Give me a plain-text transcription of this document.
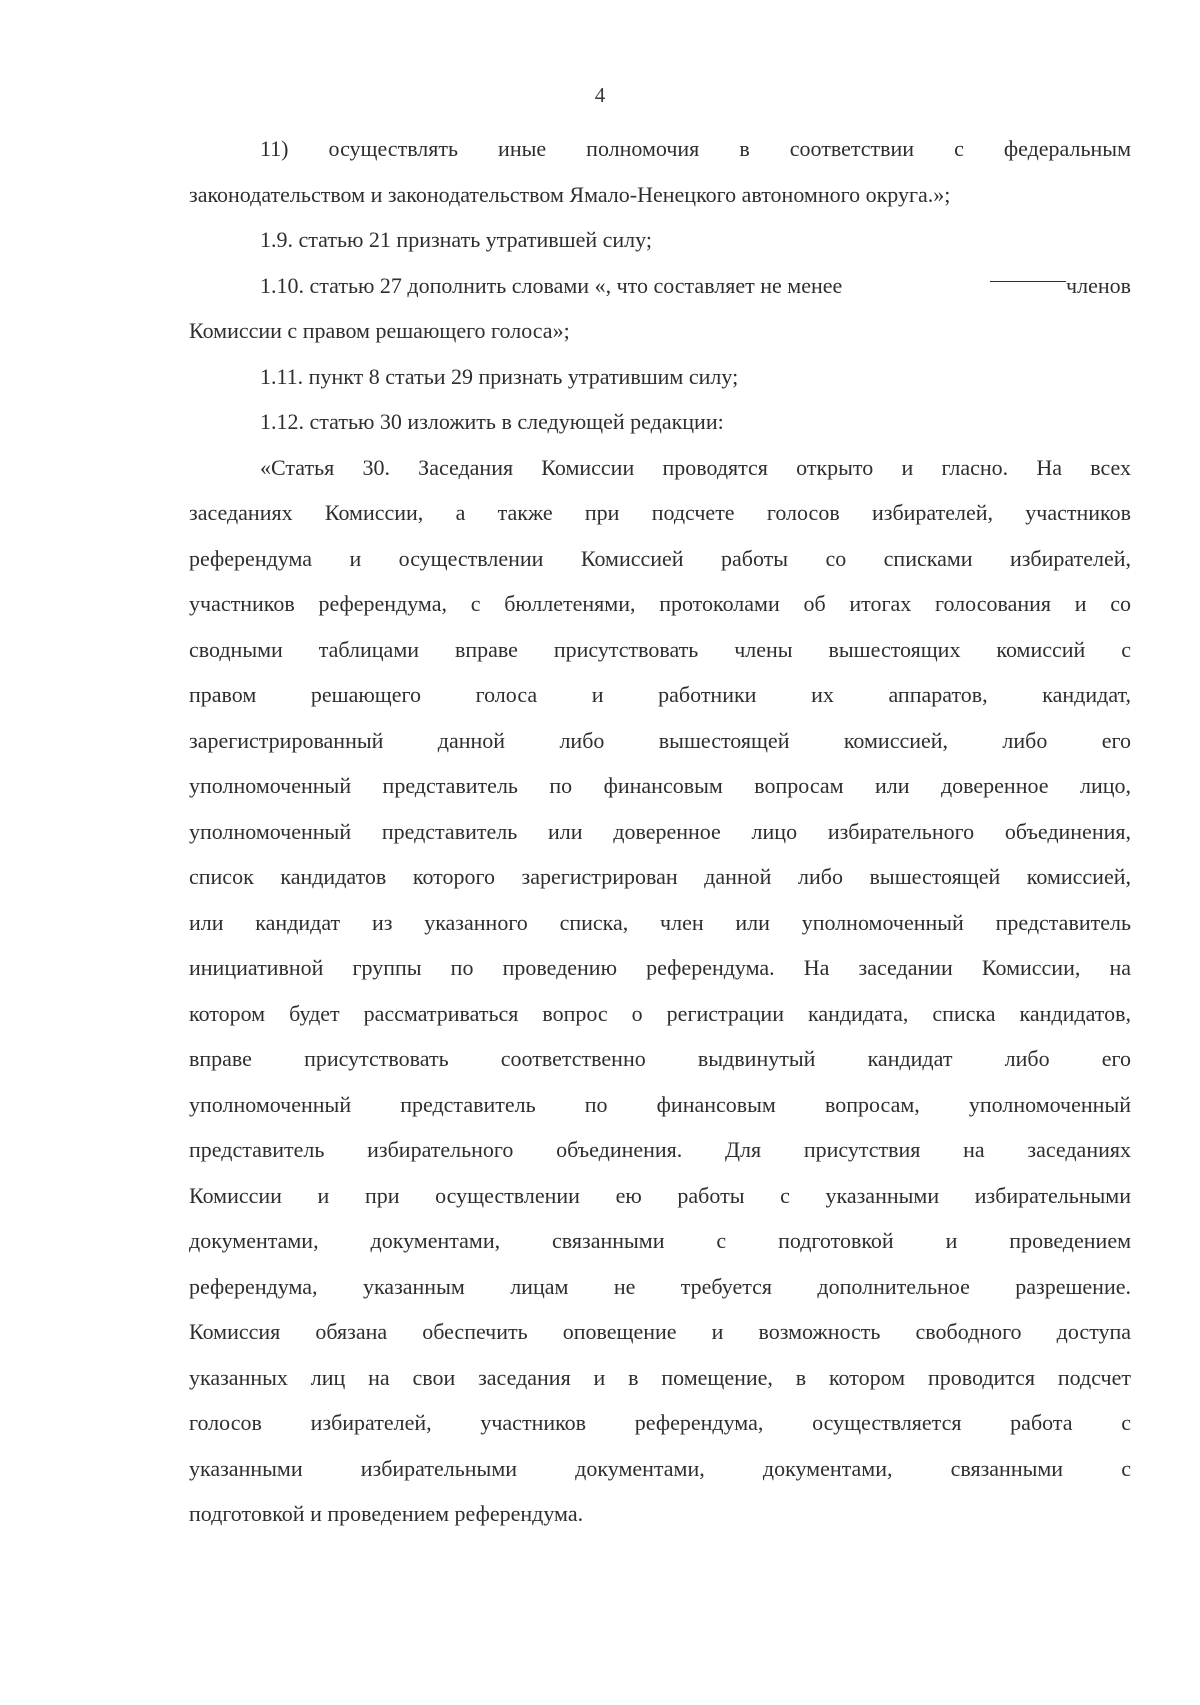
4
11) осуществлять иные полномочия в соответствии с федеральным
законодательством и законодательством Ямало-Ненецкого автономного округа.»;
1.9. статью 21 признать утратившей силу;
1.10. статью 27 дополнить словами «, что составляет не менее	членов
Комиссии с правом решающего голоса»;
1.11. пункт 8 статьи 29 признать утратившим силу;
1.12. статью 30 изложить в следующей редакции:
«Статья 30. Заседания Комиссии проводятся открыто и гласно. На всех
заседаниях Комиссии, а также при подсчете голосов избирателей, участников
референдума и осуществлении Комиссией работы со списками избирателей,
участников референдума, с бюллетенями, протоколами об итогах голосования и со
сводными таблицами вправе присутствовать члены вышестоящих комиссий с
правом решающего голоса и работники их аппаратов, кандидат,
зарегистрированный данной либо вышестоящей комиссией, либо его
уполномоченный представитель по финансовым вопросам или доверенное лицо,
уполномоченный представитель или доверенное лицо избирательного объединения,
список кандидатов которого зарегистрирован данной либо вышестоящей комиссией,
или кандидат из указанного списка, член или уполномоченный представитель
инициативной группы по проведению референдума. На заседании Комиссии, на
котором будет рассматриваться вопрос о регистрации кандидата, списка кандидатов,
вправе присутствовать соответственно выдвинутый кандидат либо его
уполномоченный представитель по финансовым вопросам, уполномоченный
представитель избирательного объединения. Для присутствия на заседаниях
Комиссии и при осуществлении ею работы с указанными избирательными
документами, документами, связанными с подготовкой и проведением
референдума, указанным лицам не требуется дополнительное разрешение.
Комиссия обязана обеспечить оповещение и возможность свободного доступа
указанных лиц на свои заседания и в помещение, в котором проводится подсчет
голосов избирателей, участников референдума, осуществляется работа с
указанными избирательными документами, документами, связанными с
подготовкой и проведением референдума.
